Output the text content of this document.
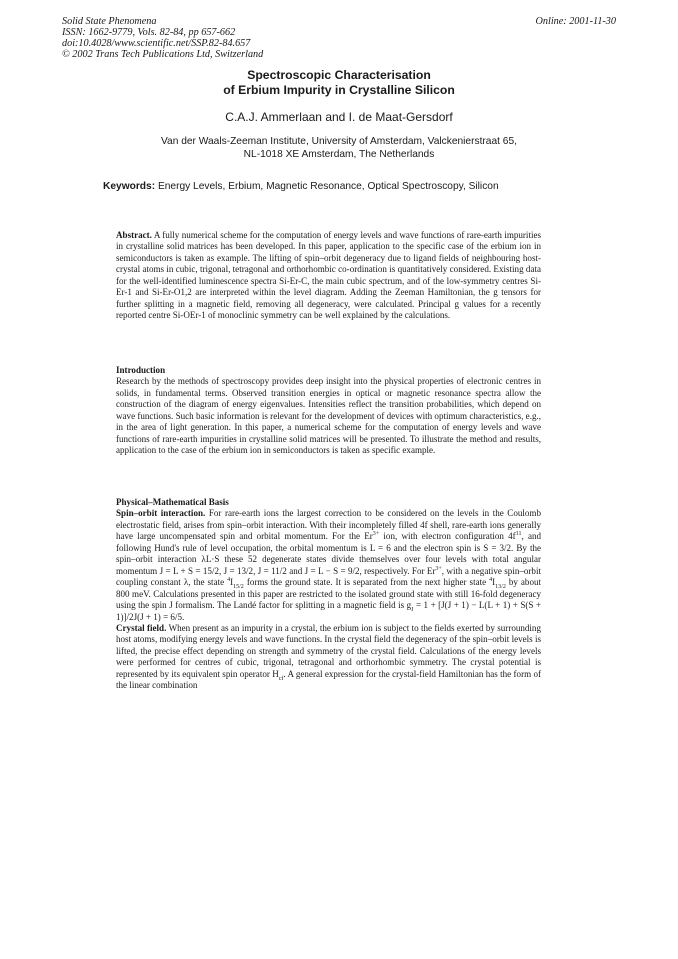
Solid State Phenomena
ISSN: 1662-9779, Vols. 82-84, pp 657-662
doi:10.4028/www.scientific.net/SSP.82-84.657
© 2002 Trans Tech Publications Ltd, Switzerland
Online: 2001-11-30
Spectroscopic Characterisation
of Erbium Impurity in Crystalline Silicon
C.A.J. Ammerlaan and I. de Maat-Gersdorf
Van der Waals-Zeeman Institute, University of Amsterdam, Valckenierstraat 65,
NL-1018 XE Amsterdam, The Netherlands
Keywords: Energy Levels, Erbium, Magnetic Resonance, Optical Spectroscopy, Silicon

Abstract. A fully numerical scheme for the computation of energy levels and wave functions of rare-earth impurities in crystalline solid matrices has been developed. In this paper, application to the specific case of the erbium ion in semiconductors is taken as example. The lifting of spin–orbit degeneracy due to ligand fields of neighbouring host-crystal atoms in cubic, trigonal, tetragonal and orthorhombic co-ordination is quantitatively considered. Existing data for the well-identified luminescence spectra Si-Er-C, the main cubic spectrum, and of the low-symmetry centres Si-Er-1 and Si-Er-O1,2 are interpreted within the level diagram. Adding the Zeeman Hamiltonian, the g tensors for further splitting in a magnetic field, removing all degeneracy, were calculated. Principal g values for a recently reported centre Si-OEr-1 of monoclinic symmetry can be well explained by the calculations.

Introduction

Research by the methods of spectroscopy provides deep insight into the physical properties of electronic centres in solids, in fundamental terms. Observed transition energies in optical or magnetic resonance spectra allow the construction of the diagram of energy eigenvalues. Intensities reflect the transition probabilities, which depend on wave functions. Such basic information is relevant for the development of devices with optimum characteristics, e.g., in the area of light generation. In this paper, a numerical scheme for the computation of energy levels and wave functions of rare-earth impurities in crystalline solid matrices will be presented. To illustrate the method and results, application to the case of the erbium ion in semiconductors is taken as specific example.

Physical–Mathematical Basis

Spin–orbit interaction. For rare-earth ions the largest correction to be considered on the levels in the Coulomb electrostatic field, arises from spin–orbit interaction. With their incompletely filled 4f shell, rare-earth ions generally have large uncompensated spin and orbital momentum. For the $Er^{3+}$ ion, with electron configuration $4f^{11}$, and following Hund's rule of level occupation, the orbital momentum is L = 6 and the electron spin is S = 3/2. By the spin–orbit interaction λL·S these 52 degenerate states divide themselves over four levels with total angular momentum J = L + S = 15/2, J = 13/2, J = 11/2 and J = L − S = 9/2, respectively. For $Er^{3+}$, with a negative spin–orbit coupling constant λ, the state $^4I_{15/2}$ forms the ground state. It is separated from the next higher state $^4I_{13/2}$ by about 800 meV. Calculations presented in this paper are restricted to the isolated ground state with still 16-fold degeneracy using the spin J formalism. The Landé factor for splitting in a magnetic field is $g_J = 1 + [J(J + 1) - L(L + 1) + S(S + 1)]/2J(J + 1) = 6/5$.

Crystal field. When present as an impurity in a crystal, the erbium ion is subject to the fields exerted by surrounding host atoms, modifying energy levels and wave functions. In the crystal field the degeneracy of the spin–orbit levels is lifted, the precise effect depending on strength and symmetry of the crystal field. Calculations of the energy levels were performed for centres of cubic, trigonal, tetragonal and orthorhombic symmetry. The crystal potential is represented by its equivalent spin operator $H_{cf}$. A general expression for the crystal-field Hamiltonian has the form of the linear combination
